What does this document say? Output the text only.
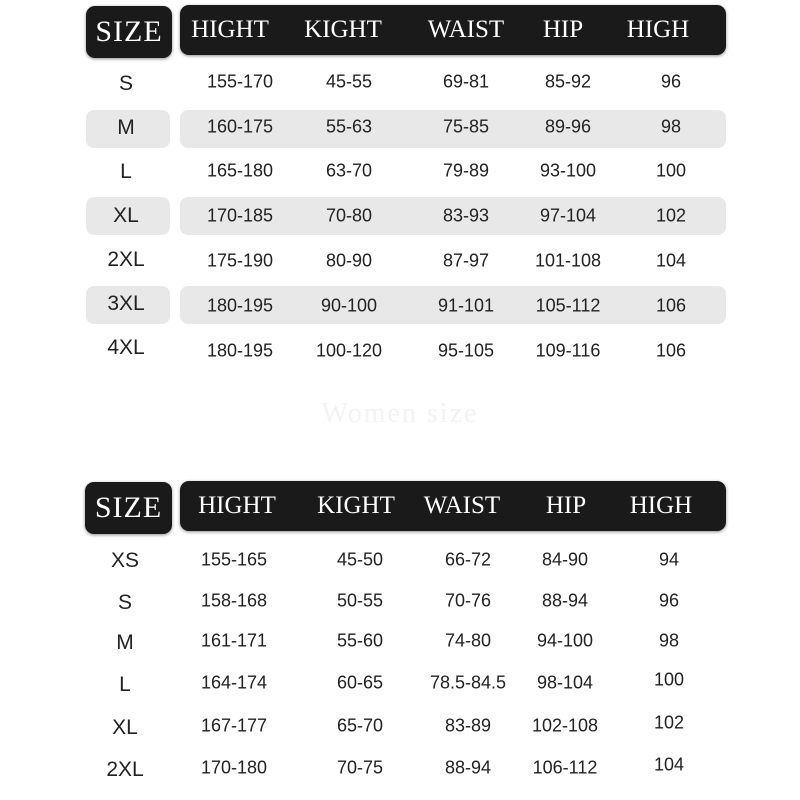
SIZE HIGHT KIGHT WAIST HIP HIGH
S	155-170	45-55	69-81	85-92	96
M	160-175	55-63	75-85	89-96	98
L	165-180	63-70	79-89	93-100	100
XL	170-185	70-80	83-93	97-104	102
2XL	175-190	80-90	87-97	101-108	104
3XL	180-195	90-100	91-101 105-112	106
4XL	180-195 100-120	95-105 109-116	106
Women size
SIZE HIGHT KIGHT WAIST HIP HIGH
XS	155-165	45-50	66-72	84-90	94
S	158-168	50-55	70-76	88-94	96
M	161-171	55-60	74-80	94-100	98
L	164-174	60-65	78.5-84.5 98-104	100
XL	167-177	65-70	83-89 102-108	102
2XL	170-180	70-75	88-94 106-112	104
